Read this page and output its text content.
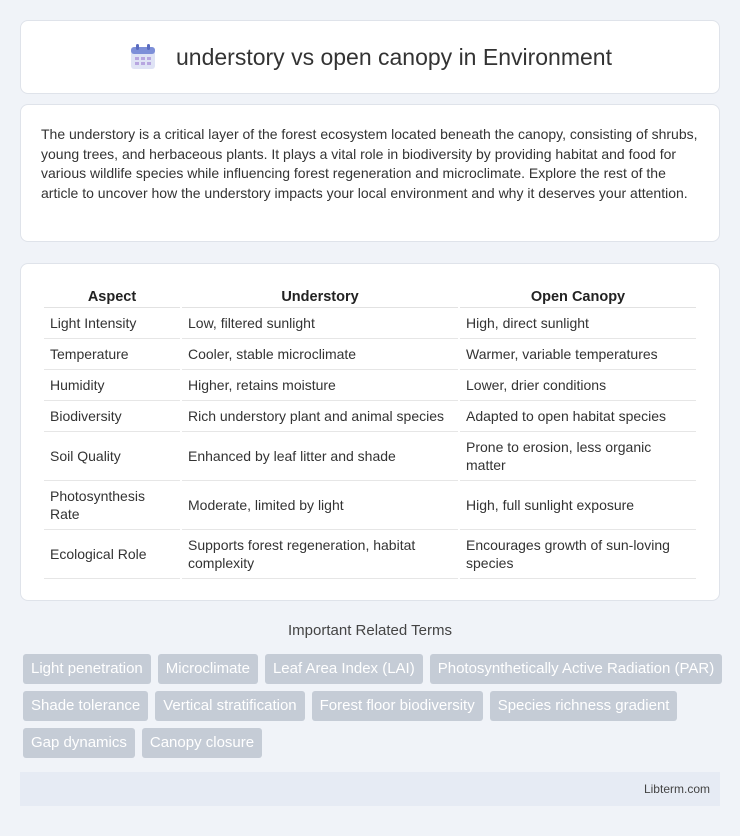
understory vs open canopy in Environment

The understory is a critical layer of the forest ecosystem located beneath the canopy, consisting of shrubs, young trees, and herbaceous plants. It plays a vital role in biodiversity by providing habitat and food for various wildlife species while influencing forest regeneration and microclimate. Explore the rest of the article to uncover how the understory impacts your local environment and why it deserves your attention.

Aspect	Understory	Open Canopy
Light Intensity	Low, filtered sunlight	High, direct sunlight
Temperature	Cooler, stable microclimate	Warmer, variable temperatures
Humidity	Higher, retains moisture	Lower, drier conditions
Biodiversity	Rich understory plant and animal species	Adapted to open habitat species
Soil Quality	Enhanced by leaf litter and shade	Prone to erosion, less organic matter
Photosynthesis Rate	Moderate, limited by light	High, full sunlight exposure
Ecological Role	Supports forest regeneration, habitat complexity	Encourages growth of sun-loving species
Important Related Terms
Light penetration	Microclimate	Leaf Area Index (LAI)	Photosynthetically Active Radiation (PAR)
Shade tolerance	Vertical stratification	Forest floor biodiversity	Species richness gradient
Gap dynamics	Canopy closure
Libterm.com
